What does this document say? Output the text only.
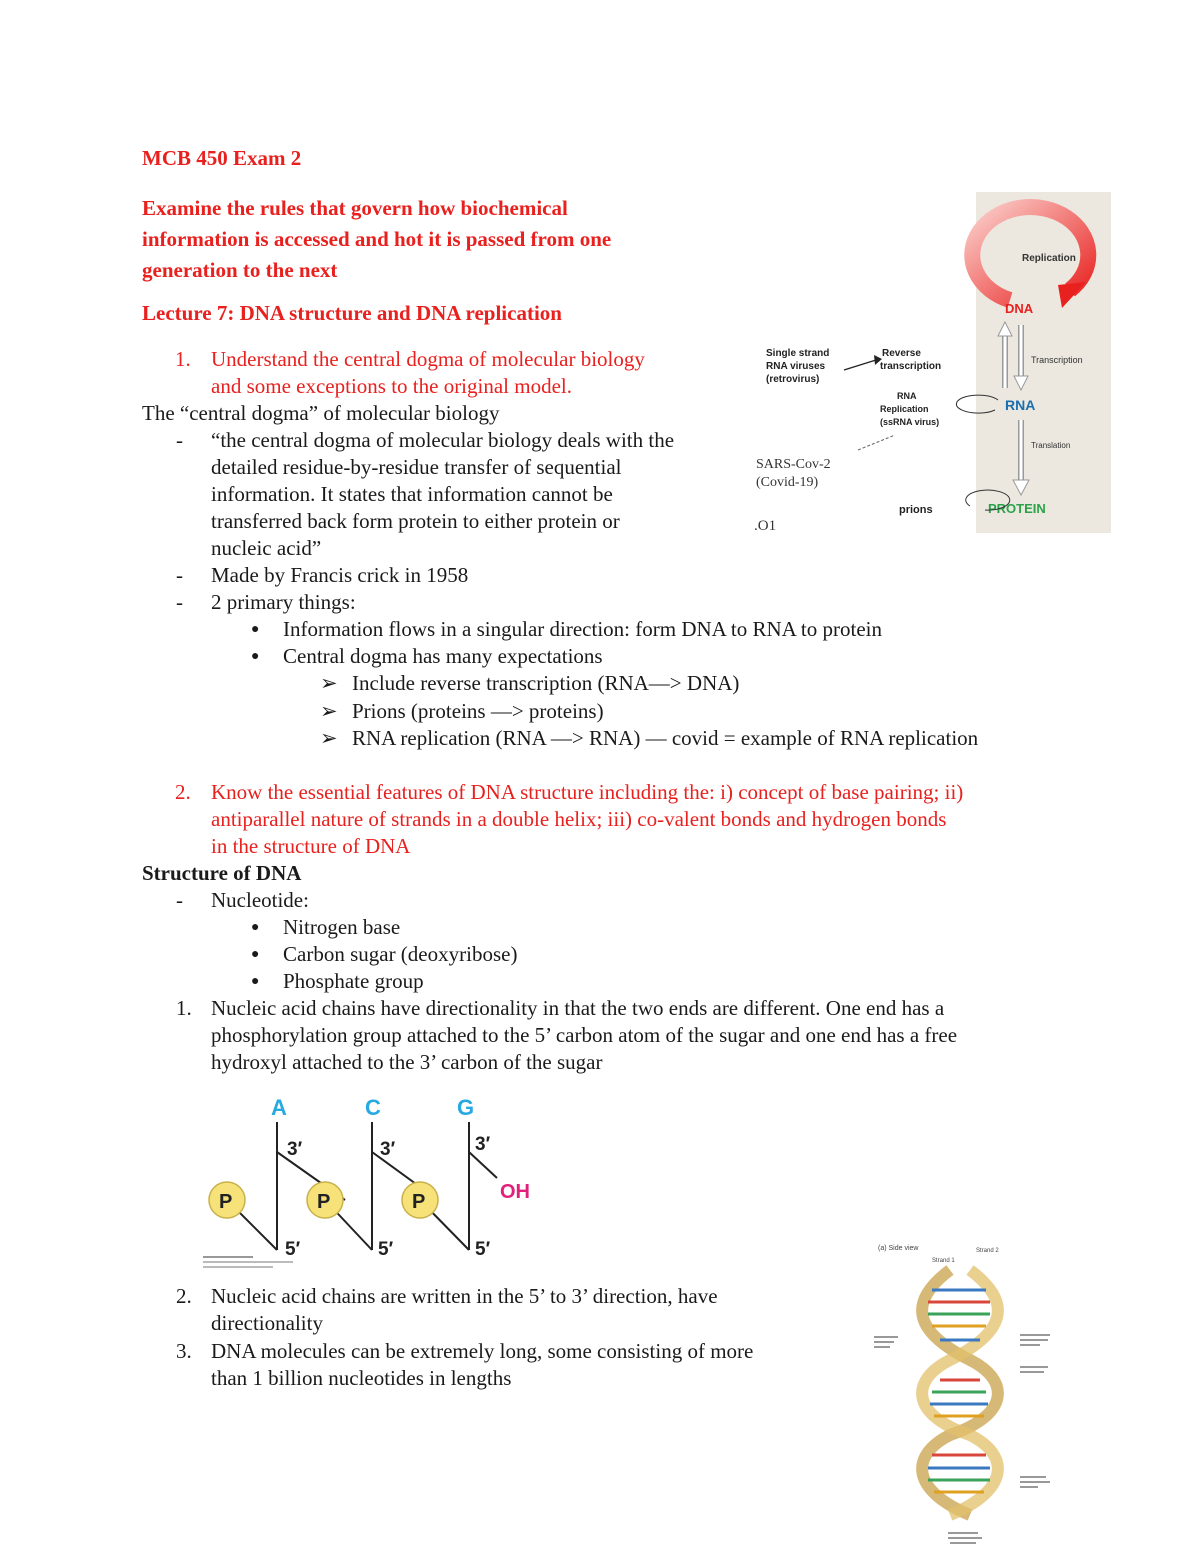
MCB 450 Exam 2
Examine the rules that govern how biochemical
information is accessed and hot it is passed from one
generation to the next
Lecture 7: DNA structure and DNA replication
1. Understand the central dogma of molecular biology
and some exceptions to the original model.
The “central dogma” of molecular biology
- “the central dogma of molecular biology deals with the
detailed residue-by-residue transfer of sequential
information. It states that information cannot be
transferred back form protein to either protein or
nucleic acid”
- Made by Francis crick in 1958
- 2 primary things:
● Information flows in a singular direction: form DNA to RNA to protein
● Central dogma has many expectations
➢ Include reverse transcription (RNA—> DNA)
➢ Prions (proteins —> proteins)
➢ RNA replication (RNA —> RNA) — covid = example of RNA replication
Replication
DNA
Transcription
RNA
Translation
PROTEIN
prions
Single strand
RNA viruses
(retrovirus)
Reverse
transcription
RNA
Replication
(ssRNA virus)
SARS-Cov-2
(Covid-19)
.O1
2. Know the essential features of DNA structure including the: i) concept of base pairing; ii)
antiparallel nature of strands in a double helix; iii) co-valent bonds and hydrogen bonds
in the structure of DNA
Structure of DNA
- Nucleotide:
● Nitrogen base
● Carbon sugar (deoxyribose)
● Phosphate group
1. Nucleic acid chains have directionality in that the two ends are different. One end has a
phosphorylation group attached to the 5’ carbon atom of the sugar and one end has a free
hydroxyl attached to the 3’ carbon of the sugar
A	C	G
P	P	P
3′	3′	3′
5′	5′	5′
OH
2. Nucleic acid chains are written in the 5’ to 3’ direction, have
directionality
3. DNA molecules can be extremely long, some consisting of more
than 1 billion nucleotides in lengths
(a) Side view
Strand 1
Strand 2
